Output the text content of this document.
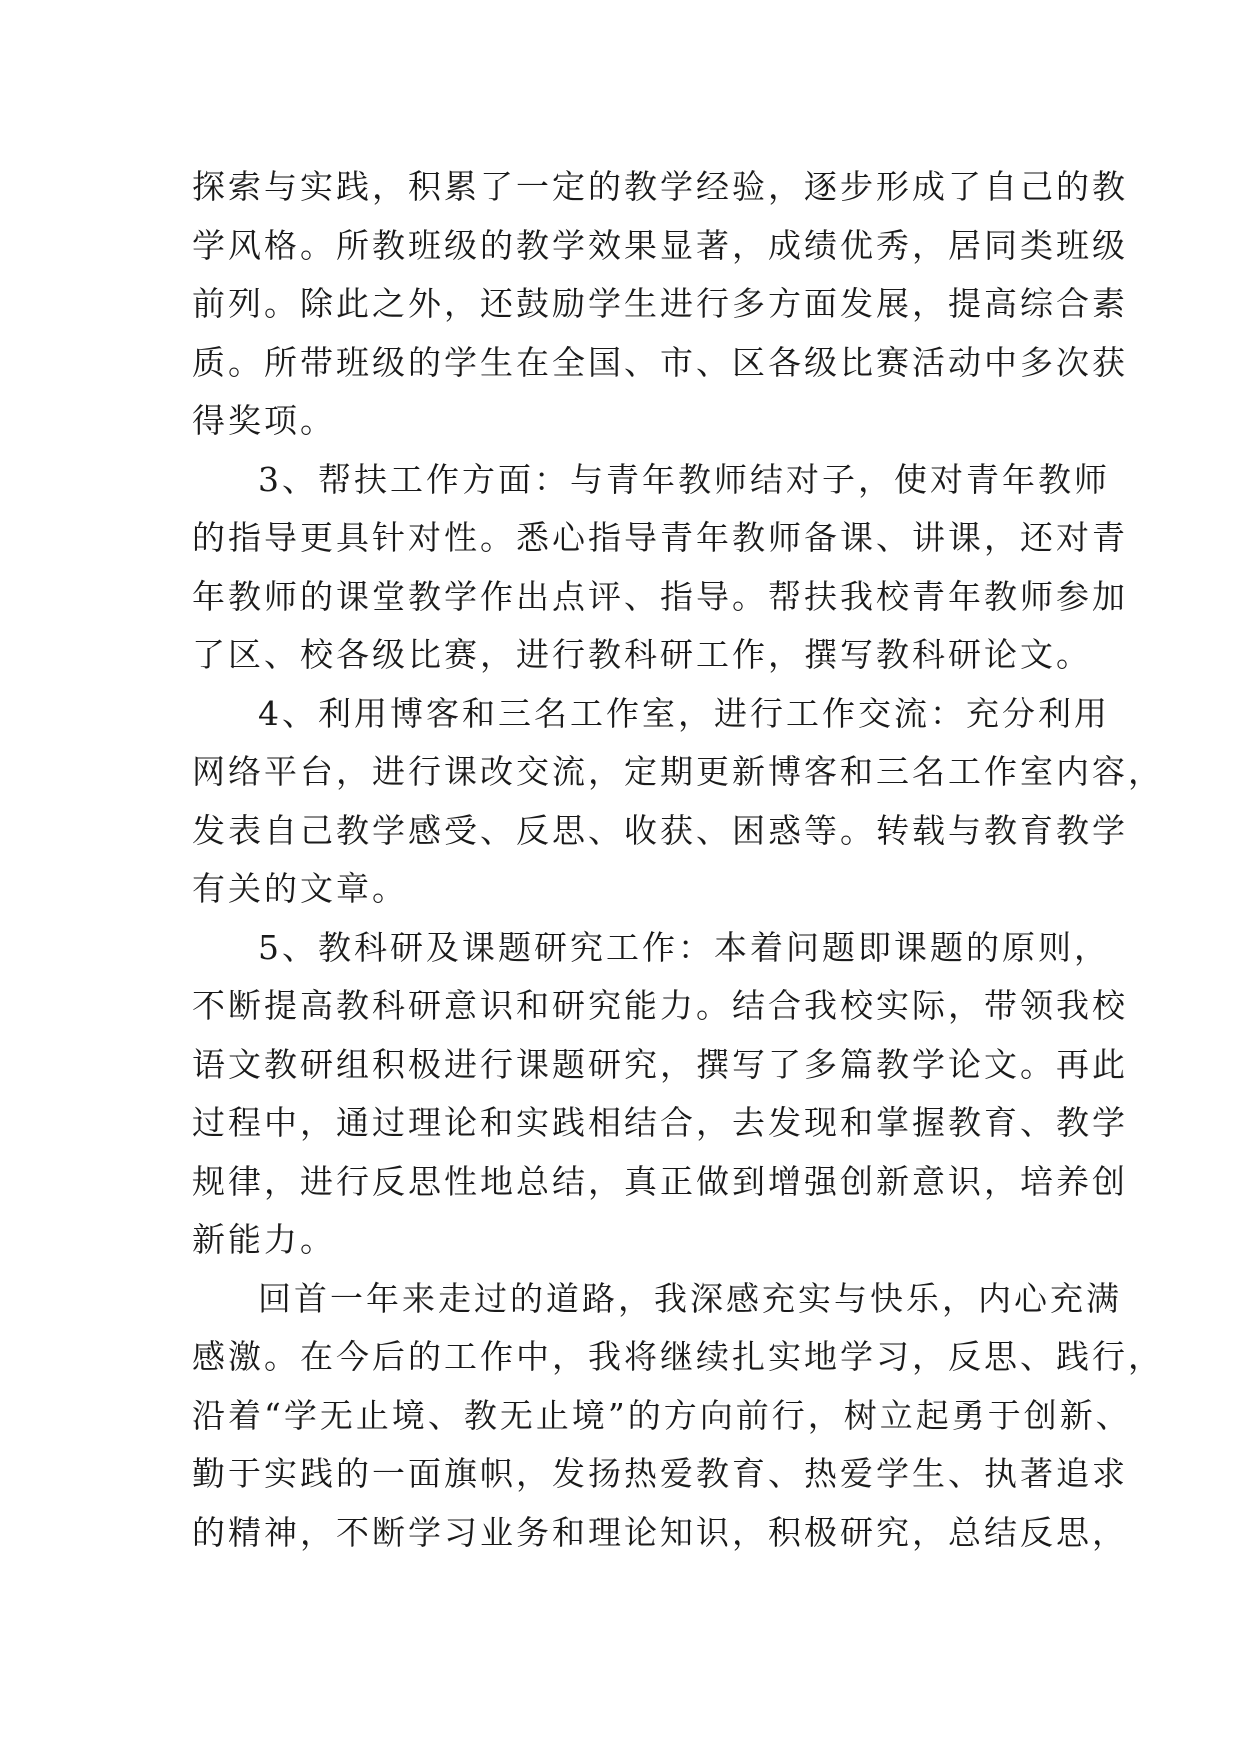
探索与实践，积累了一定的教学经验，逐步形成了自己的教
学风格。所教班级的教学效果显著，成绩优秀，居同类班级
前列。除此之外，还鼓励学生进行多方面发展，提高综合素
质。所带班级的学生在全国、市、区各级比赛活动中多次获
得奖项。
3、帮扶工作方面：与青年教师结对子，使对青年教师
的指导更具针对性。悉心指导青年教师备课、讲课，还对青
年教师的课堂教学作出点评、指导。帮扶我校青年教师参加
了区、校各级比赛，进行教科研工作，撰写教科研论文。
4、利用博客和三名工作室，进行工作交流：充分利用
网络平台，进行课改交流，定期更新博客和三名工作室内容，
发表自己教学感受、反思、收获、困惑等。转载与教育教学
有关的文章。
5、教科研及课题研究工作：本着问题即课题的原则，
不断提高教科研意识和研究能力。结合我校实际，带领我校
语文教研组积极进行课题研究，撰写了多篇教学论文。再此
过程中，通过理论和实践相结合，去发现和掌握教育、教学
规律，进行反思性地总结，真正做到增强创新意识，培养创
新能力。
回首一年来走过的道路，我深感充实与快乐，内心充满
感激。在今后的工作中，我将继续扎实地学习，反思、践行，
沿着“学无止境、教无止境”的方向前行，树立起勇于创新、
勤于实践的一面旗帜，发扬热爱教育、热爱学生、执著追求
的精神，不断学习业务和理论知识，积极研究，总结反思，
